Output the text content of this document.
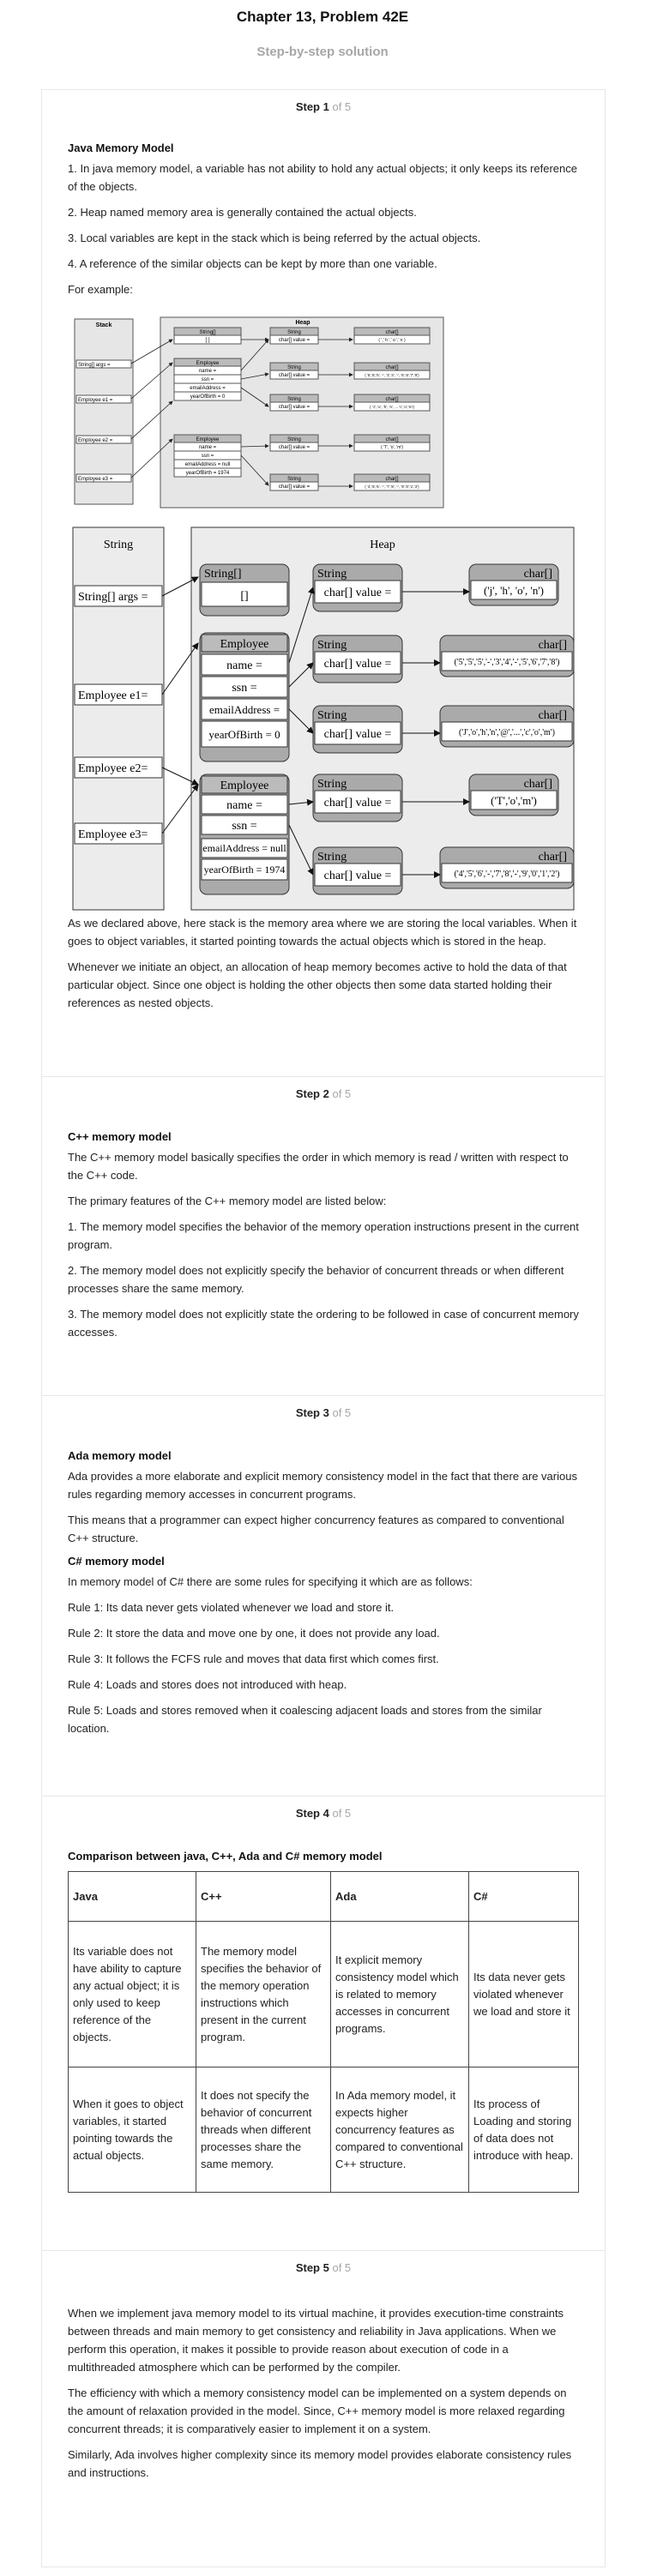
Chapter 13, Problem 42E
Step-by-step solution
Step 1 of 5
Java Memory Model

1. In java memory model, a variable has not ability to hold any actual objects; it only keeps its reference of the objects.

2. Heap named memory area is generally contained the actual objects.

3. Local variables are kept in the stack which is being referred by the actual objects.

4. A reference of the similar objects can be kept by more than one variable.

For example:

Stack
String[] args =
Employee e1 =
Employee e2 =
Employee e3 =
Heap
String[]
[ ]
Employee
name =
ssn =
emailAddress =
yearOfBirth = 0
Employee
name =
ssn =
emailAddress = null
yearOfBirth = 1974
String
char[] value =
String
char[] value =
String
char[] value =
String
char[] value =
String
char[] value =
char[]
( ',' h ',' o ',' n )
char[]
( '5','5','5', '-', '3','4', '-', '5','6','7','8')
char[]
( 'J', 'o', 'h', 'n', ... 'c','o','m')
char[]
( 'T', 'o', 'm')
char[]
( '4','5','6', '-', '7','8', '-', '9','0','1','2')
String
String[] args =
Employee e1=
Employee e2=
Employee e3=
Heap
String[]
[]
Employee
name =
ssn =
emailAddress =
yearOfBirth = 0
Employee
name =
ssn =
emailAddress = null
yearOfBirth = 1974
String
char[] value =
String
char[] value =
String
char[] value =
String
char[] value =
String
char[] value =
char[]
('j', 'h', 'o', 'n')
char[]
('5','5','5','-','3','4','-','5','6','7','8')
char[]
('J','o','h','n','@','...','c','o','m')
char[]
('T','o','m')
char[]
('4','5','6','-','7','8','-','9','0','1','2')

As we declared above, here stack is the memory area where we are storing the local variables. When it goes to object variables, it started pointing towards the actual objects which is stored in the heap.

Whenever we initiate an object, an allocation of heap memory becomes active to hold the data of that particular object. Since one object is holding the other objects then some data started holding their references as nested objects.

Step 2 of 5
C++ memory model

The C++ memory model basically specifies the order in which memory is read / written with respect to the C++ code.

The primary features of the C++ memory model are listed below:

1. The memory model specifies the behavior of the memory operation instructions present in the current program.

2. The memory model does not explicitly specify the behavior of concurrent threads or when different processes share the same memory.

3. The memory model does not explicitly state the ordering to be followed in case of concurrent memory accesses.

Step 3 of 5
Ada memory model

Ada provides a more elaborate and explicit memory consistency model in the fact that there are various rules regarding memory accesses in concurrent programs.

This means that a programmer can expect higher concurrency features as compared to conventional C++ structure.

C# memory model

In memory model of C# there are some rules for specifying it which are as follows:

Rule 1: Its data never gets violated whenever we load and store it.

Rule 2: It store the data and move one by one, it does not provide any load.

Rule 3: It follows the FCFS rule and moves that data first which comes first.

Rule 4: Loads and stores does not introduced with heap.

Rule 5: Loads and stores removed when it coalescing adjacent loads and stores from the similar location.

Step 4 of 5
Comparison between java, C++, Ada and C# memory model
Java	C++	Ada	C#
Its variable does not have ability to capture any actual object; it is only used to keep reference of the objects.	The memory model specifies the behavior of the memory operation instructions which present in the current program.	It explicit memory consistency model which is related to memory accesses in concurrent programs.	Its data never gets violated whenever we load and store it
When it goes to object variables, it started pointing towards the actual objects.	It does not specify the behavior of concurrent threads when different processes share the same memory.	In Ada memory model, it expects higher concurrency features as compared to conventional C++ structure.	Its process of Loading and storing of data does not introduce with heap.
Step 5 of 5

When we implement java memory model to its virtual machine, it provides execution-time constraints between threads and main memory to get consistency and reliability in Java applications. When we perform this operation, it makes it possible to provide reason about execution of code in a multithreaded atmosphere which can be performed by the compiler.

The efficiency with which a memory consistency model can be implemented on a system depends on the amount of relaxation provided in the model. Since, C++ memory model is more relaxed regarding concurrent threads; it is comparatively easier to implement it on a system.

Similarly, Ada involves higher complexity since its memory model provides elaborate consistency rules and instructions.
